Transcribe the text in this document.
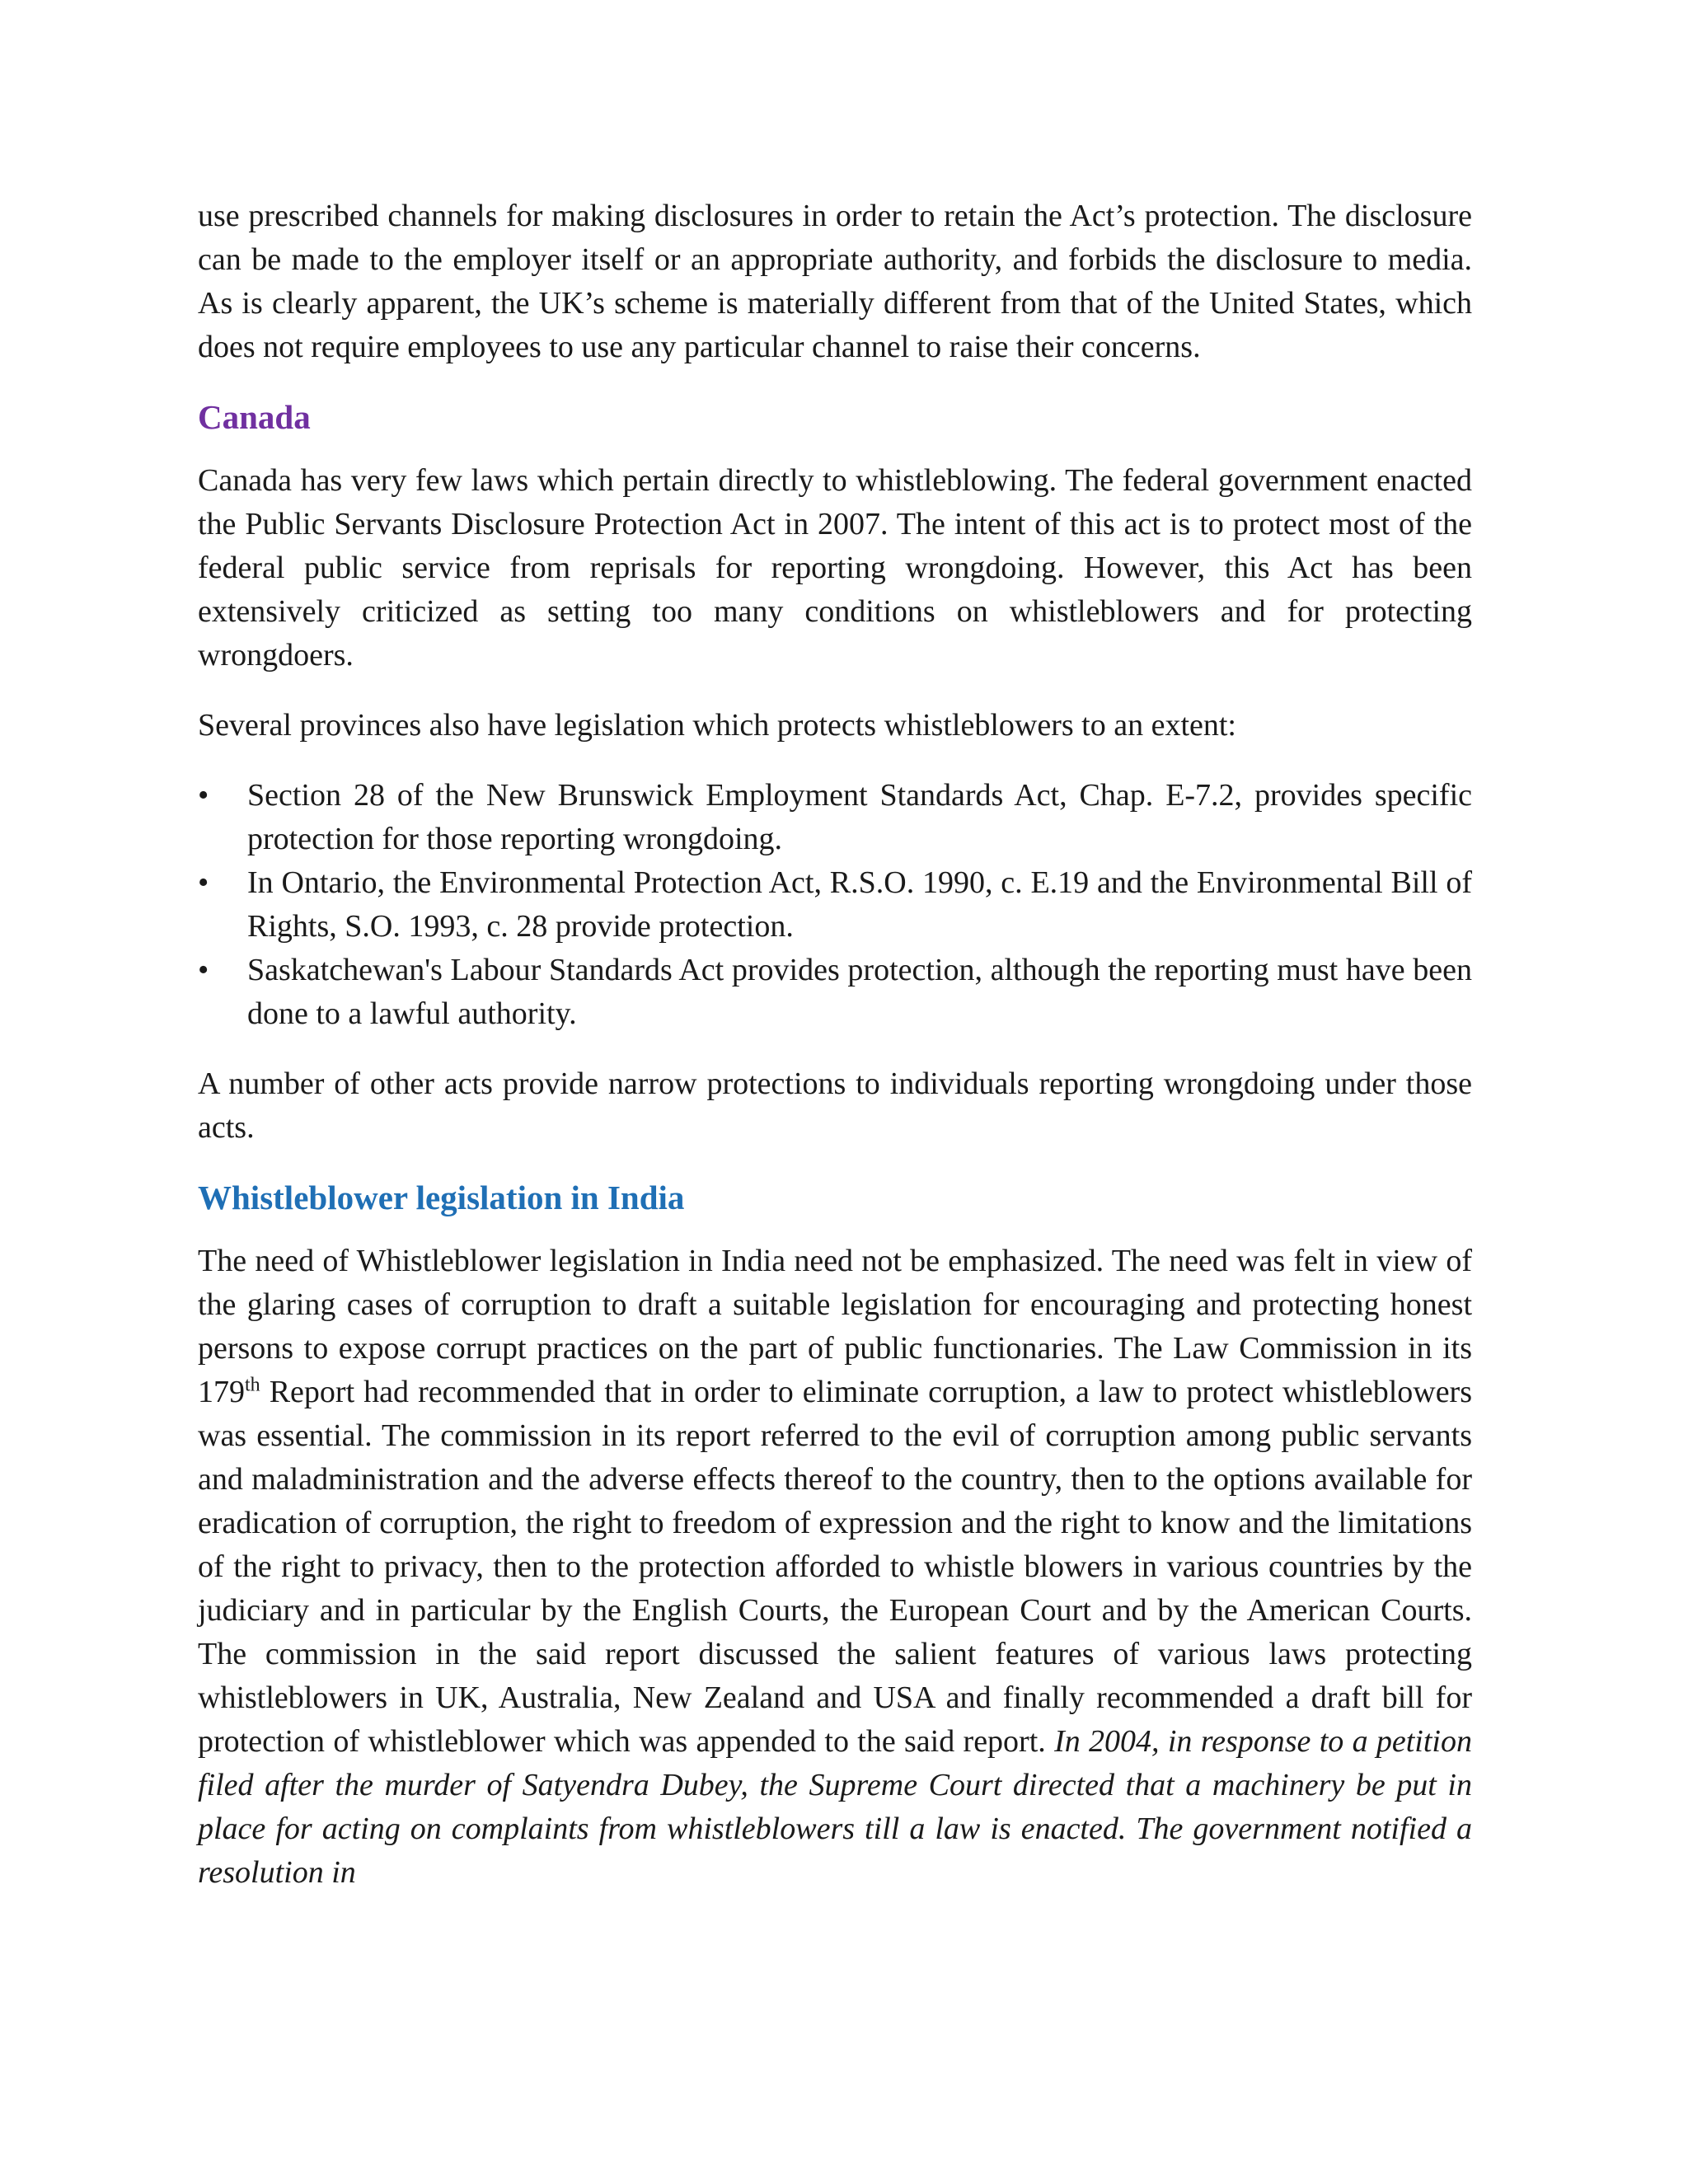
use prescribed channels for making disclosures in order to retain the Act’s protection. The disclosure can be made to the employer itself or an appropriate authority, and forbids the disclosure to media. As is clearly apparent, the UK’s scheme is materially different from that of the United States, which does not require employees to use any particular channel to raise their concerns.

Canada

Canada has very few laws which pertain directly to whistleblowing. The federal government enacted the Public Servants Disclosure Protection Act in 2007. The intent of this act is to protect most of the federal public service from reprisals for reporting wrongdoing. However, this Act has been extensively criticized as setting too many conditions on whistleblowers and for protecting wrongdoers.

Several provinces also have legislation which protects whistleblowers to an extent:

• Section 28 of the New Brunswick Employment Standards Act, Chap. E-7.2, provides specific protection for those reporting wrongdoing.
• In Ontario, the Environmental Protection Act, R.S.O. 1990, c. E.19 and the Environmental Bill of Rights, S.O. 1993, c. 28 provide protection.
• Saskatchewan's Labour Standards Act provides protection, although the reporting must have been done to a lawful authority.

A number of other acts provide narrow protections to individuals reporting wrongdoing under those acts.

Whistleblower legislation in India

The need of Whistleblower legislation in India need not be emphasized. The need was felt in view of the glaring cases of corruption to draft a suitable legislation for encouraging and protecting honest persons to expose corrupt practices on the part of public functionaries. The Law Commission in its 179th Report had recommended that in order to eliminate corruption, a law to protect whistleblowers was essential. The commission in its report referred to the evil of corruption among public servants and maladministration and the adverse effects thereof to the country, then to the options available for eradication of corruption, the right to freedom of expression and the right to know and the limitations of the right to privacy, then to the protection afforded to whistle blowers in various countries by the judiciary and in particular by the English Courts, the European Court and by the American Courts. The commission in the said report discussed the salient features of various laws protecting whistleblowers in UK, Australia, New Zealand and USA and finally recommended a draft bill for protection of whistleblower which was appended to the said report. In 2004, in response to a petition filed after the murder of Satyendra Dubey, the Supreme Court directed that a machinery be put in place for acting on complaints from whistleblowers till a law is enacted. The government notified a resolution in
